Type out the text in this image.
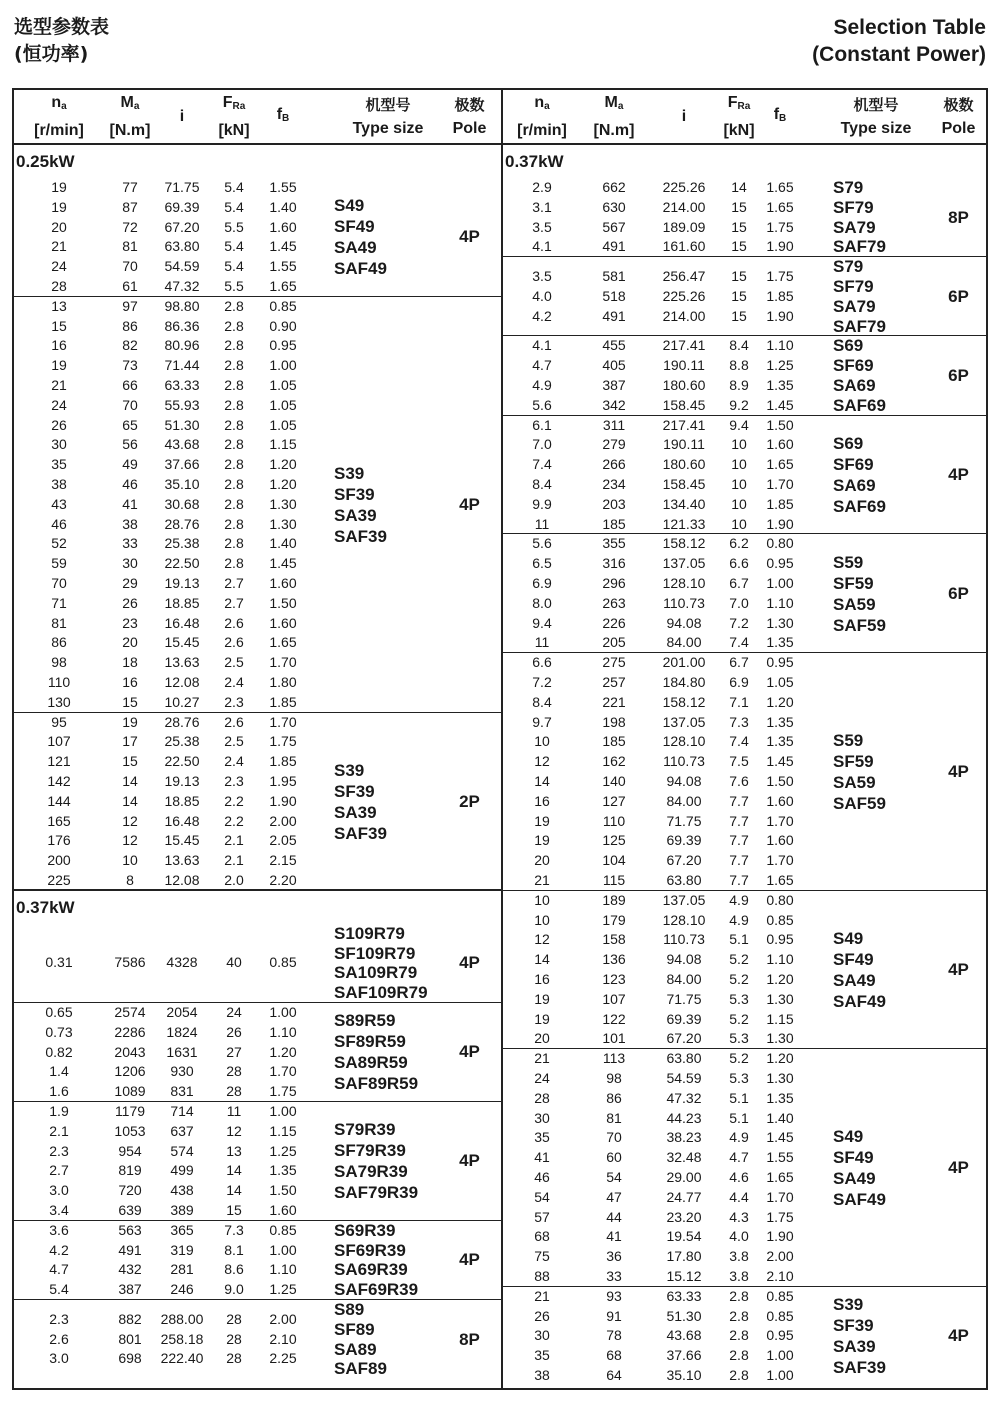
选型参数表
(恒功率)
Selection Table
(Constant Power)
$n_a$
[r/min]
$M_a$
[N.m]
i
$F_{Ra}$
[kN]
$f_B$
机型号
Type size
极数
Pole
0.25kW
19	77	71.75	5.4	1.55
19	87	69.39	5.4	1.40
20	72	67.20	5.5	1.60
21	81	63.80	5.4	1.45
24	70	54.59	5.4	1.55
28	61	47.32	5.5	1.65
S49
SF49
SA49
SAF49
4P
13	97	98.80	2.8	0.85
15	86	86.36	2.8	0.90
16	82	80.96	2.8	0.95
19	73	71.44	2.8	1.00
21	66	63.33	2.8	1.05
24	70	55.93	2.8	1.05
26	65	51.30	2.8	1.05
30	56	43.68	2.8	1.15
35	49	37.66	2.8	1.20
38	46	35.10	2.8	1.20
43	41	30.68	2.8	1.30
46	38	28.76	2.8	1.30
52	33	25.38	2.8	1.40
59	30	22.50	2.8	1.45
70	29	19.13	2.7	1.60
71	26	18.85	2.7	1.50
81	23	16.48	2.6	1.60
86	20	15.45	2.6	1.65
98	18	13.63	2.5	1.70
110	16	12.08	2.4	1.80
130	15	10.27	2.3	1.85
S39
SF39
SA39
SAF39
4P
95	19	28.76	2.6	1.70
107	17	25.38	2.5	1.75
121	15	22.50	2.4	1.85
142	14	19.13	2.3	1.95
144	14	18.85	2.2	1.90
165	12	16.48	2.2	2.00
176	12	15.45	2.1	2.05
200	10	13.63	2.1	2.15
225	8	12.08	2.0	2.20
S39
SF39
SA39
SAF39
2P
0.37kW
0.31	7586	4328	40	0.85
S109R79
SF109R79
SA109R79
SAF109R79
4P
0.65	2574	2054	24	1.00
0.73	2286	1824	26	1.10
0.82	2043	1631	27	1.20
1.4	1206	930	28	1.70
1.6	1089	831	28	1.75
S89R59
SF89R59
SA89R59
SAF89R59
4P
1.9	1179	714	11	1.00
2.1	1053	637	12	1.15
2.3	954	574	13	1.25
2.7	819	499	14	1.35
3.0	720	438	14	1.50
3.4	639	389	15	1.60
S79R39
SF79R39
SA79R39
SAF79R39
4P
3.6	563	365	7.3	0.85
4.2	491	319	8.1	1.00
4.7	432	281	8.6	1.10
5.4	387	246	9.0	1.25
S69R39
SF69R39
SA69R39
SAF69R39
4P
2.3	882	288.00	28	2.00
2.6	801	258.18	28	2.10
3.0	698	222.40	28	2.25
S89
SF89
SA89
SAF89
8P
$n_a$
[r/min]
$M_a$
[N.m]
i
$F_{Ra}$
[kN]
$f_B$
机型号
Type size
极数
Pole
0.37kW
2.9	662	225.26	14	1.65
3.1	630	214.00	15	1.65
3.5	567	189.09	15	1.75
4.1	491	161.60	15	1.90
S79
SF79
SA79
SAF79
8P
3.5	581	256.47	15	1.75
4.0	518	225.26	15	1.85
4.2	491	214.00	15	1.90
S79
SF79
SA79
SAF79
6P
4.1	455	217.41	8.4	1.10
4.7	405	190.11	8.8	1.25
4.9	387	180.60	8.9	1.35
5.6	342	158.45	9.2	1.45
S69
SF69
SA69
SAF69
6P
6.1	311	217.41	9.4	1.50
7.0	279	190.11	10	1.60
7.4	266	180.60	10	1.65
8.4	234	158.45	10	1.70
9.9	203	134.40	10	1.85
11	185	121.33	10	1.90
S69
SF69
SA69
SAF69
4P
5.6	355	158.12	6.2	0.80
6.5	316	137.05	6.6	0.95
6.9	296	128.10	6.7	1.00
8.0	263	110.73	7.0	1.10
9.4	226	94.08	7.2	1.30
11	205	84.00	7.4	1.35
S59
SF59
SA59
SAF59
6P
6.6	275	201.00	6.7	0.95
7.2	257	184.80	6.9	1.05
8.4	221	158.12	7.1	1.20
9.7	198	137.05	7.3	1.35
10	185	128.10	7.4	1.35
12	162	110.73	7.5	1.45
14	140	94.08	7.6	1.50
16	127	84.00	7.7	1.60
19	110	71.75	7.7	1.70
19	125	69.39	7.7	1.60
20	104	67.20	7.7	1.70
21	115	63.80	7.7	1.65
S59
SF59
SA59
SAF59
4P
10	189	137.05	4.9	0.80
10	179	128.10	4.9	0.85
12	158	110.73	5.1	0.95
14	136	94.08	5.2	1.10
16	123	84.00	5.2	1.20
19	107	71.75	5.3	1.30
19	122	69.39	5.2	1.15
20	101	67.20	5.3	1.30
S49
SF49
SA49
SAF49
4P
21	113	63.80	5.2	1.20
24	98	54.59	5.3	1.30
28	86	47.32	5.1	1.35
30	81	44.23	5.1	1.40
35	70	38.23	4.9	1.45
41	60	32.48	4.7	1.55
46	54	29.00	4.6	1.65
54	47	24.77	4.4	1.70
57	44	23.20	4.3	1.75
68	41	19.54	4.0	1.90
75	36	17.80	3.8	2.00
88	33	15.12	3.8	2.10
S49
SF49
SA49
SAF49
4P
21	93	63.33	2.8	0.85
26	91	51.30	2.8	0.85
30	78	43.68	2.8	0.95
35	68	37.66	2.8	1.00
38	64	35.10	2.8	1.00
S39
SF39
SA39
SAF39
4P
